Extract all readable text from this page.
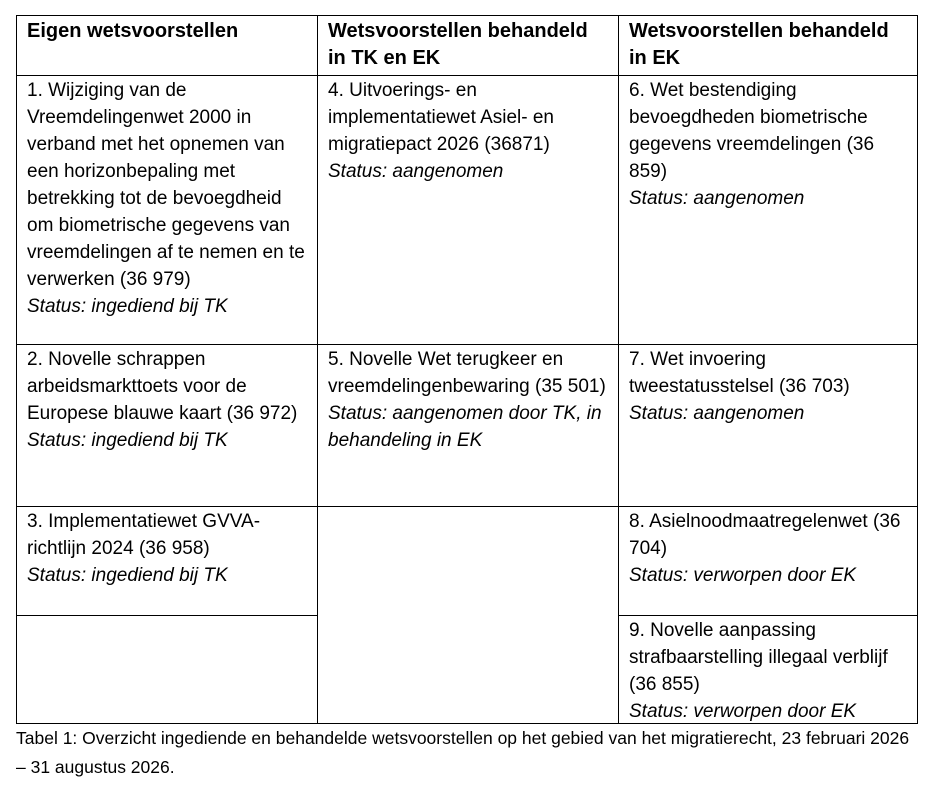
Eigen wetsvoorstellen	Wetsvoorstellen behandeld in TK en EK
Wetsvoorstellen behandeld in EK
1. Wijziging van de Vreemdelingenwet 2000 in verband met het opnemen van een horizonbepaling met betrekking tot de bevoegdheid om biometrische gegevens van vreemdelingen af te nemen en te verwerken (36 979)
Status: ingediend bij TK
4. Uitvoerings- en implementatiewet Asiel- en migratiepact 2026 (36871)
Status: aangenomen
6. Wet bestendiging bevoegdheden biometrische gegevens vreemdelingen (36 859)
Status: aangenomen
2. Novelle schrappen arbeidsmarkttoets voor de Europese blauwe kaart (36 972)
Status: ingediend bij TK
5. Novelle Wet terugkeer en vreemdelingenbewaring (35 501)
Status: aangenomen door TK, in behandeling in EK
7. Wet invoering tweestatusstelsel (36 703)
Status: aangenomen
3. Implementatiewet GVVA-richtlijn 2024 (36 958)
Status: ingediend bij TK
8. Asielnoodmaatregelenwet (36 704)
Status: verworpen door EK
9. Novelle aanpassing strafbaarstelling illegaal verblijf (36 855)
Status: verworpen door EK
Tabel 1: Overzicht ingediende en behandelde wetsvoorstellen op het gebied van het migratierecht, 23 februari 2026 – 31 augustus 2026.
